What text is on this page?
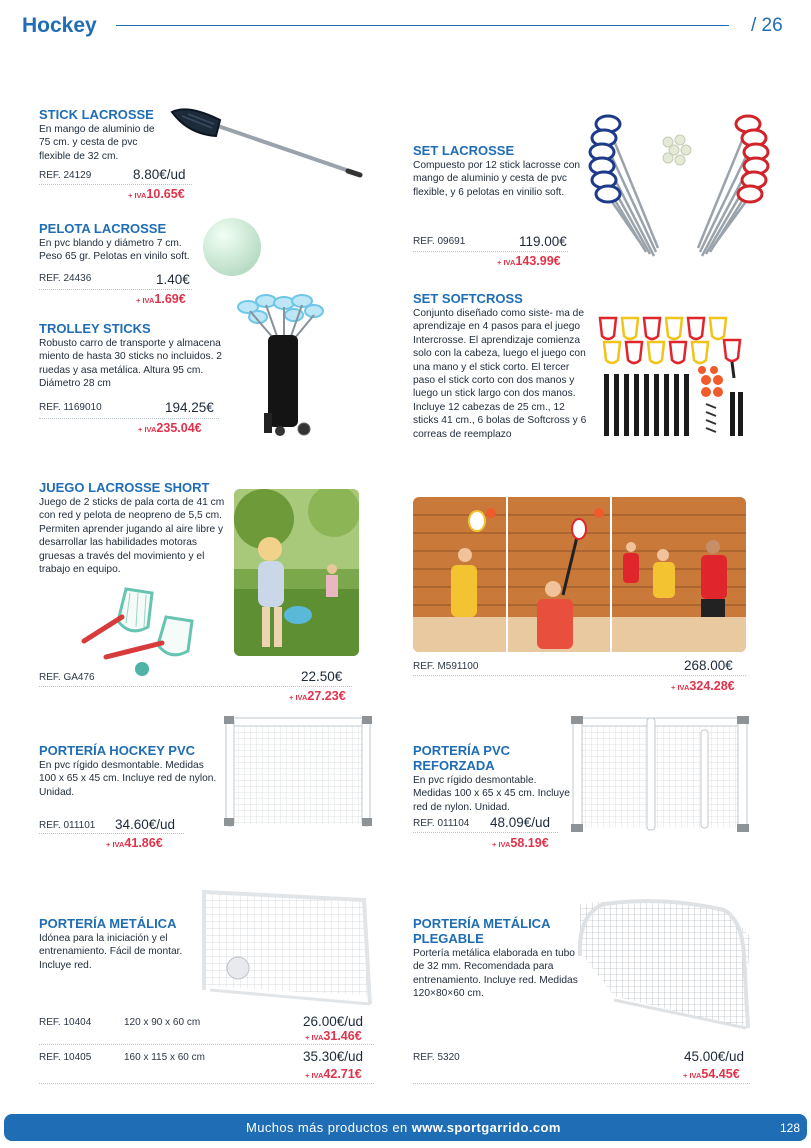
Hockey	/ 26
STICK LACROSSE
En mango de aluminio de 75 cm. y cesta de pvc flexible de 32 cm.
REF. 24129	8.80€/ud
+ IVA10.65€
PELOTA LACROSSE
En pvc blando y diámetro 7 cm. Peso 65 gr. Pelotas en vinilo soft.
REF. 24436	1.40€
+ IVA1.69€
TROLLEY STICKS
Robusto carro de transporte y almacena miento de hasta 30 sticks no incluidos. 2 ruedas y asa metálica. Altura 95 cm. Diámetro 28 cm
REF. 1169010	194.25€
+ IVA235.04€
SET LACROSSE
Compuesto por 12 stick lacrosse con mango de aluminio y cesta de pvc flexible, y 6 pelotas en vinilio soft.
REF. 09691	119.00€
+ IVA143.99€
SET SOFTCROSS
Conjunto diseñado como siste- ma de aprendizaje en 4 pasos para el juego Intercrosse. El aprendizaje comienza solo con la cabeza, luego el juego con una mano y el stick corto. El tercer paso el stick corto con dos manos y luego un stick largo con dos manos. Incluye 12 cabezas de 25 cm., 12 sticks 41 cm., 6 bolas de Softcross y 6 correas de reemplazo
REF. M591100	268.00€
+ IVA324.28€
JUEGO LACROSSE SHORT
Juego de 2 sticks de pala corta de 41 cm con red y pelota de neopreno de 5,5 cm. Permiten aprender jugando al aire libre y desarrollar las habilidades motoras gruesas a través del movimiento y el trabajo en equipo.
REF. GA476	22.50€
+ IVA27.23€
PORTERÍA HOCKEY PVC
En pvc rígido desmontable. Medidas 100 x 65 x 45 cm. Incluye red de nylon. Unidad.
REF. 011101 34.60€/ud
+ IVA41.86€
PORTERÍA PVC REFORZADA
En pvc rígido desmontable. Medidas 100 x 65 x 45 cm. Incluye red de nylon. Unidad.
REF. 011104 48.09€/ud
+ IVA58.19€
PORTERÍA METÁLICA
Idónea para la iniciación y el entrenamiento. Fácil de montar. Incluye red.
REF. 10404	120 x 90 x 60 cm	26.00€/ud
+ IVA31.46€
REF. 10405	160 x 115 x 60 cm	35.30€/ud
+ IVA42.71€
PORTERÍA METÁLICA PLEGABLE
Portería metálica elaborada en tubo de 32 mm. Recomendada para entrenamiento. Incluye red. Medidas 120×80×60 cm.
REF. 5320	45.00€/ud
+ IVA54.45€
Muchos más productos en www.sportgarrido.com	128
